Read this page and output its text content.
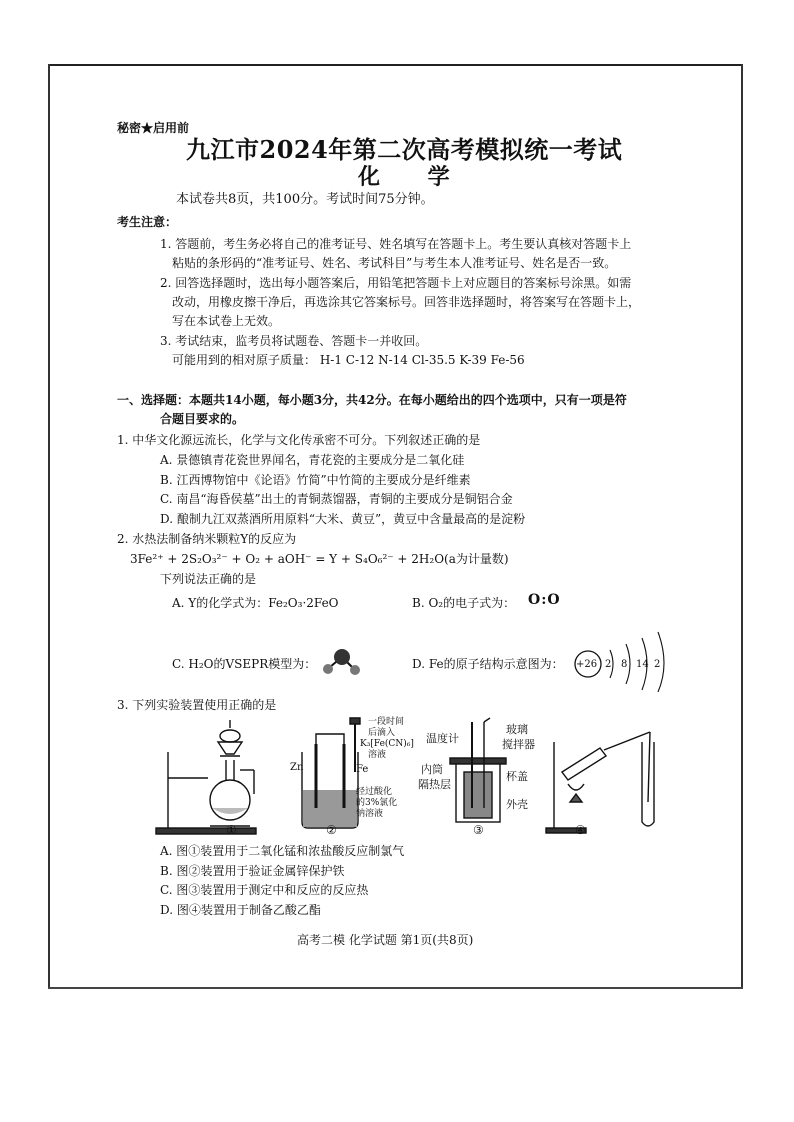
秘密★启用前
九江市2024年第二次高考模拟统一考试
化 学
本试卷共8页，共100分。考试时间75分钟。
考生注意：
1. 答题前，考生务必将自己的准考证号、姓名填写在答题卡上。考生要认真核对答题卡上
粘贴的条形码的“准考证号、姓名、考试科目”与考生本人准考证号、姓名是否一致。
2. 回答选择题时，选出每小题答案后，用铅笔把答题卡上对应题目的答案标号涂黑。如需
改动，用橡皮擦干净后，再选涂其它答案标号。回答非选择题时，将答案写在答题卡上，
写在本试卷上无效。
3. 考试结束，监考员将试题卷、答题卡一并收回。
可能用到的相对原子质量： H-1 C-12 N-14 Cl-35.5 K-39 Fe-56
一、选择题：本题共14小题，每小题3分，共42分。在每小题给出的四个选项中，只有一项是符
合题目要求的。
1. 中华文化源远流长，化学与文化传承密不可分。下列叙述正确的是
A. 景德镇青花瓷世界闻名，青花瓷的主要成分是二氧化硅
B. 江西博物馆中《论语》竹简”中竹简的主要成分是纤维素
C. 南昌“海昏侯墓”出土的青铜蒸馏器，青铜的主要成分是铜铝合金
D. 酿制九江双蒸酒所用原料“大米、黄豆”，黄豆中含量最高的是淀粉
2. 水热法制备纳米颗粒Y的反应为
3Fe²⁺ + 2S₂O₃²⁻ + O₂ + aOH⁻ = Y + S₄O₆²⁻ + 2H₂O(a为计量数)
下列说法正确的是
A. Y的化学式为：Fe₂O₃·2FeO	B. O₂的电子式为： O:O
C. H₂O的VSEPR模型为：	D. Fe的原子结构示意图为： +26 2 8 14 2
3. 下列实验装置使用正确的是
一段时间
后滴入
K₃[Fe(CN)₆]
溶液
Zn	Fe
经过酸化
的3%氯化
钠溶液
温度计
玻璃
搅拌器
内筒
隔热层
杯盖
外壳
①	②	③	④
A. 图①装置用于二氧化锰和浓盐酸反应制氯气
B. 图②装置用于验证金属锌保护铁
C. 图③装置用于测定中和反应的反应热
D. 图④装置用于制备乙酸乙酯
高考二模 化学试题 第1页(共8页)
